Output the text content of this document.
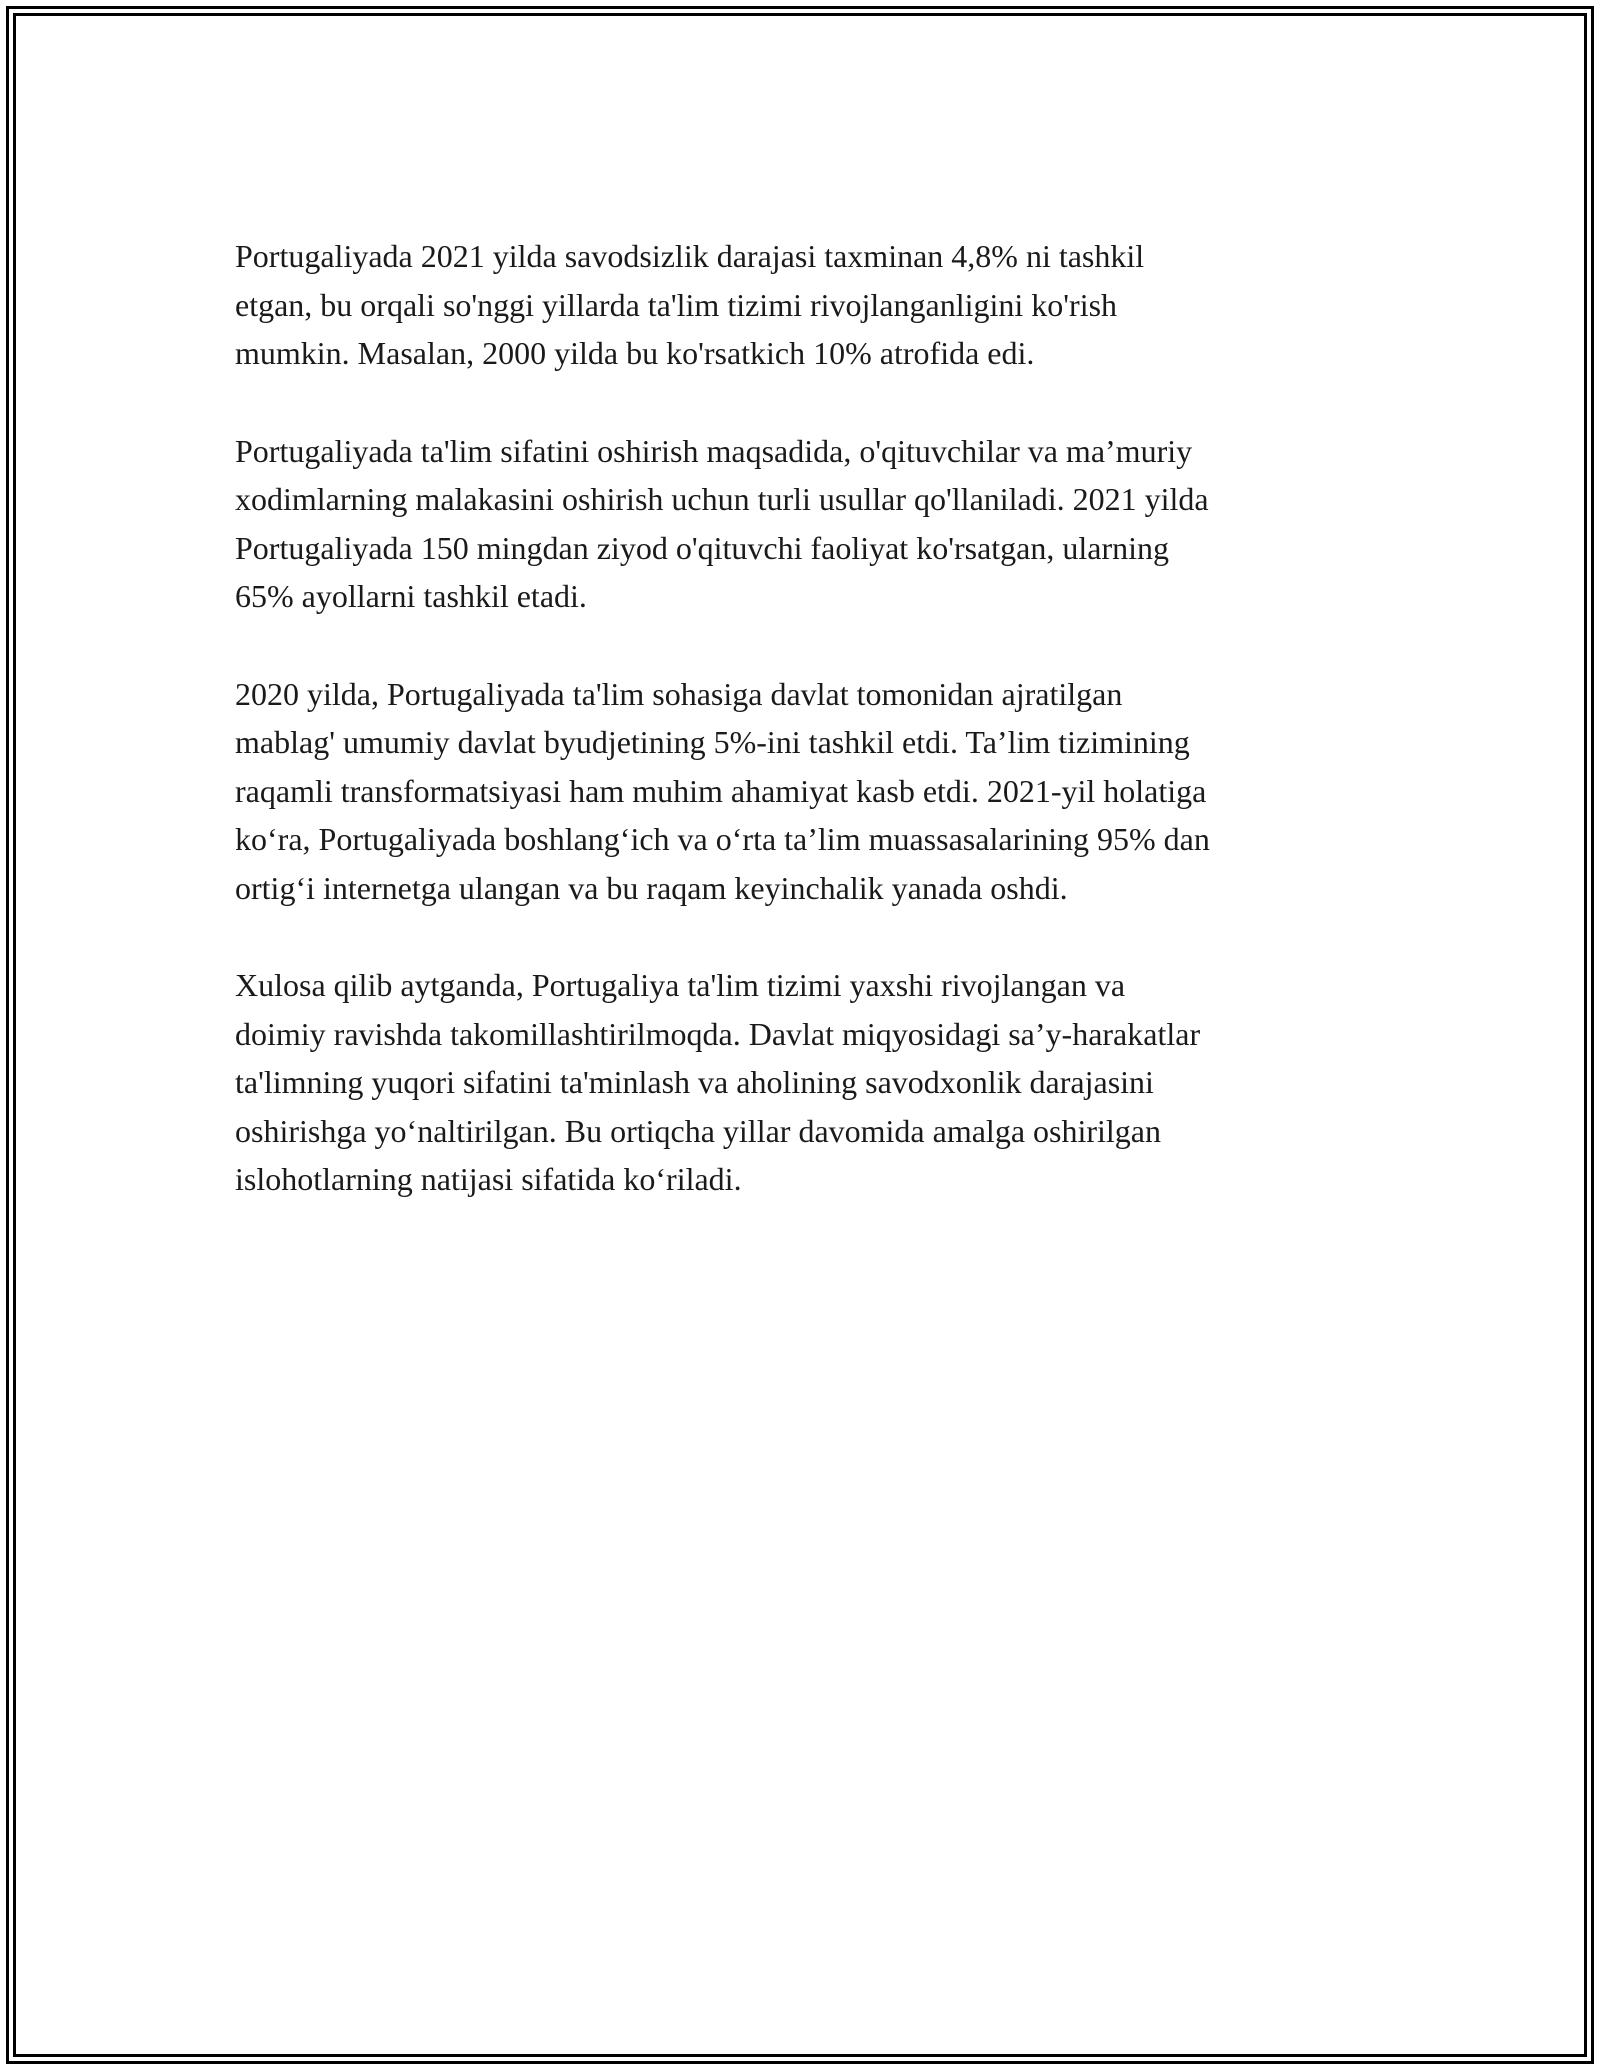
Portugaliyada 2021 yilda savodsizlik darajasi taxminan 4,8% ni tashkil
etgan, bu orqali so'nggi yillarda ta'lim tizimi rivojlanganligini ko'rish
mumkin. Masalan, 2000 yilda bu ko'rsatkich 10% atrofida edi.

Portugaliyada ta'lim sifatini oshirish maqsadida, o'qituvchilar va ma’muriy
xodimlarning malakasini oshirish uchun turli usullar qo'llaniladi. 2021 yilda
Portugaliyada 150 mingdan ziyod o'qituvchi faoliyat ko'rsatgan, ularning
65% ayollarni tashkil etadi.

2020 yilda, Portugaliyada ta'lim sohasiga davlat tomonidan ajratilgan
mablag' umumiy davlat byudjetining 5%-ini tashkil etdi. Ta’lim tizimining
raqamli transformatsiyasi ham muhim ahamiyat kasb etdi. 2021-yil holatiga
ko‘ra, Portugaliyada boshlang‘ich va o‘rta ta’lim muassasalarining 95% dan
ortig‘i internetga ulangan va bu raqam keyinchalik yanada oshdi.

Xulosa qilib aytganda, Portugaliya ta'lim tizimi yaxshi rivojlangan va
doimiy ravishda takomillashtirilmoqda. Davlat miqyosidagi sa’y-harakatlar
ta'limning yuqori sifatini ta'minlash va aholining savodxonlik darajasini
oshirishga yo‘naltirilgan. Bu ortiqcha yillar davomida amalga oshirilgan
islohotlarning natijasi sifatida ko‘riladi.
